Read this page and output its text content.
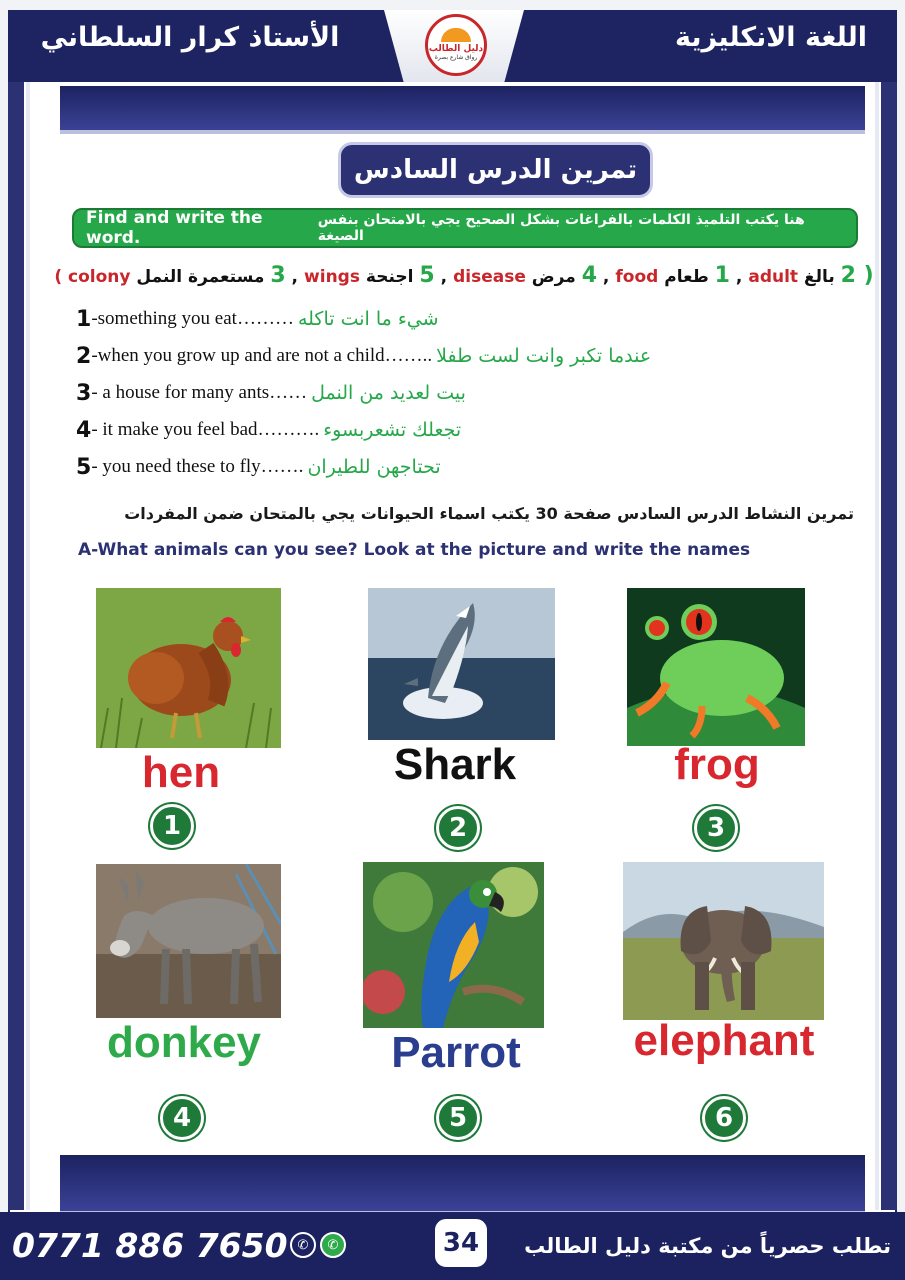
الأستاذ كرار السلطاني	اللغة الانكليزية
دليل الطالب
رواق شارع بصرة
تمرين الدرس السادس
Find and write the word.
هنا يكتب التلميذ الكلمات بالفراغات بشكل الصحيح يجي بالامتحان بنفس الصيغة
( 2 بالغ adult
, 1 طعام food
, 4 مرض disease
, 5 اجنحة wings
, 3 مستعمرة النمل colony )
1 -something you eat……… شيء ما انت تاكله
2 -when you grow up and are not a child…….. عندما تكبر وانت لست طفلا
3 - a house for many ants…… بيت لعديد من النمل
4 - it make you feel bad………. تجعلك تشعربسوء
5 - you need these to fly……. تحتاجهن للطيران
تمرين النشاط الدرس السادس صفحة 30 يكتب اسماء الحيوانات يجي بالمتحان ضمن المفردات
A-What animals can you see? Look at the picture and write the names
hen
1
Shark
2
frog
3
donkey
4
Parrot
5
elephant
6
0771 886 7650 ✆	✆	34	تطلب حصرياً من مكتبة دليل الطالب
